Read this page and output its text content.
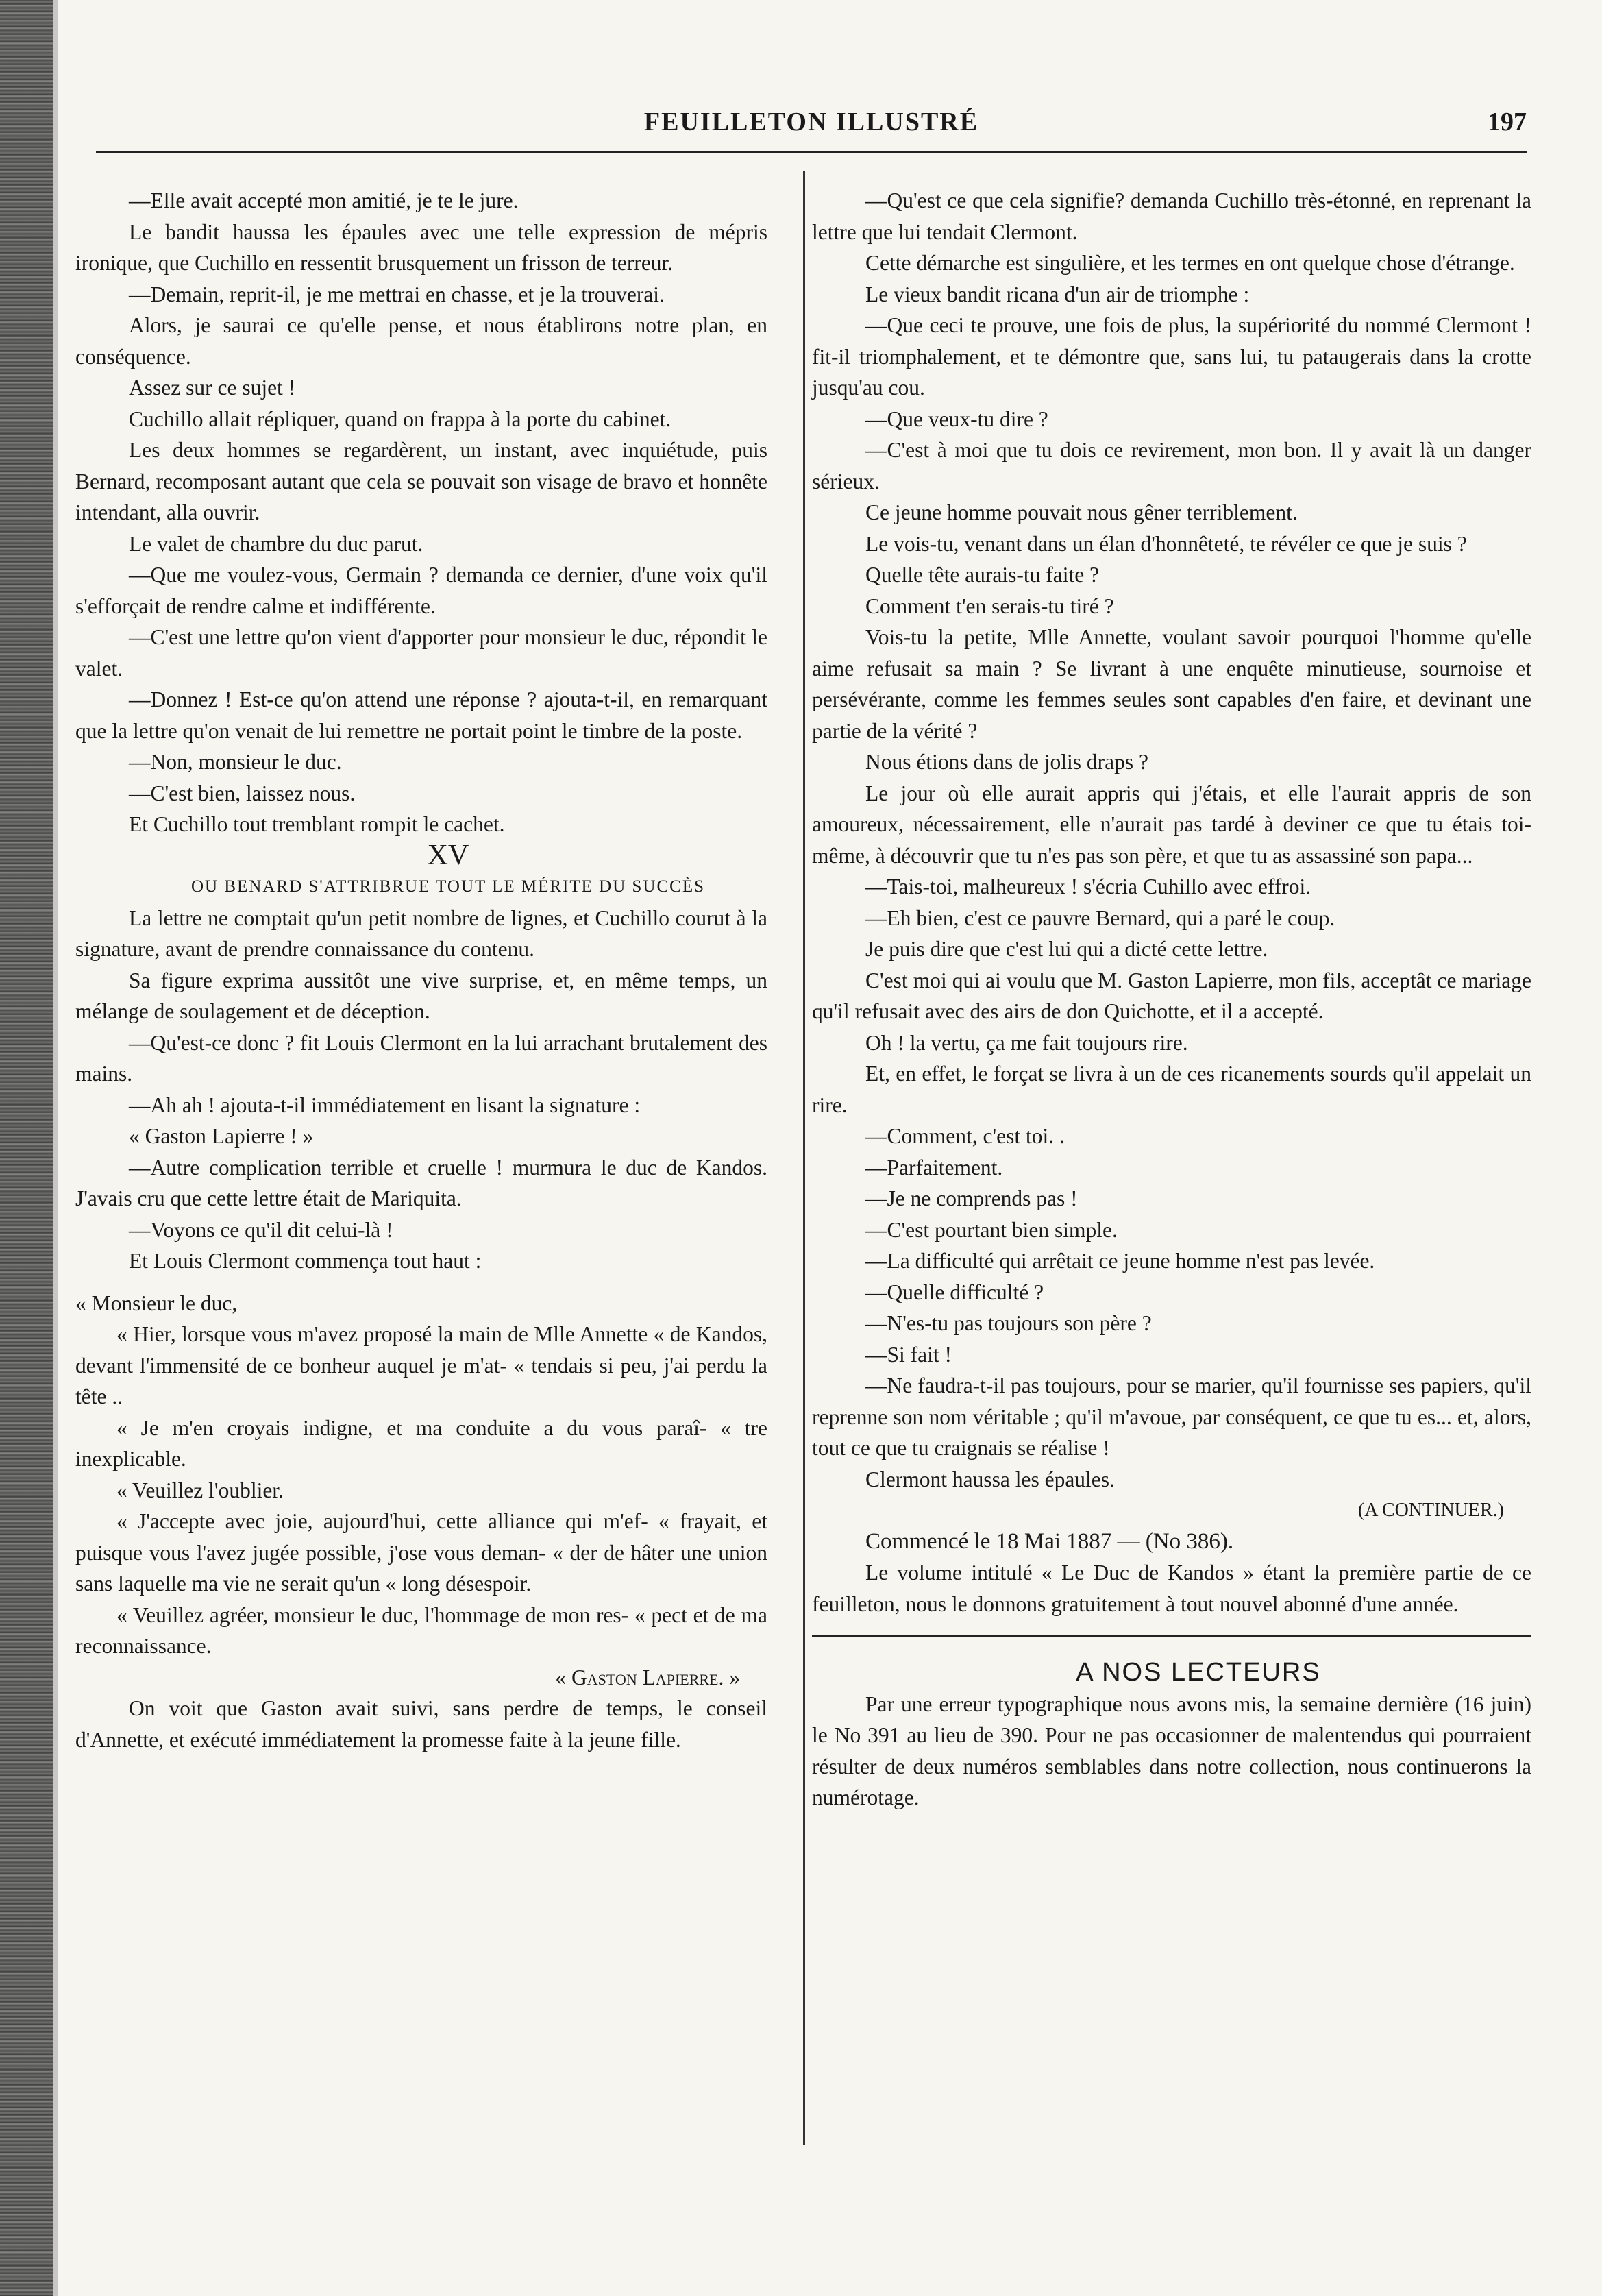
FEUILLETON ILLUSTRÉ	197

—Elle avait accepté mon amitié, je te le jure.

Le bandit haussa les épaules avec une telle expression de mépris ironique, que Cuchillo en ressentit brusquement un frisson de terreur.

—Demain, reprit-il, je me mettrai en chasse, et je la trouverai.

Alors, je saurai ce qu'elle pense, et nous établirons notre plan, en conséquence.

Assez sur ce sujet !

Cuchillo allait répliquer, quand on frappa à la porte du cabinet.

Les deux hommes se regardèrent, un instant, avec inquiétude, puis Bernard, recomposant autant que cela se pouvait son visage de bravo et honnête intendant, alla ouvrir.

Le valet de chambre du duc parut.

—Que me voulez-vous, Germain ? demanda ce dernier, d'une voix qu'il s'efforçait de rendre calme et indifférente.

—C'est une lettre qu'on vient d'apporter pour monsieur le duc, répondit le valet.

—Donnez ! Est-ce qu'on attend une réponse ? ajouta-t-il, en remarquant que la lettre qu'on venait de lui remettre ne portait point le timbre de la poste.

—Non, monsieur le duc.

—C'est bien, laissez nous.

Et Cuchillo tout tremblant rompit le cachet.

XV

OU BENARD S'ATTRIBRUE TOUT LE MÉRITE DU SUCCÈS

La lettre ne comptait qu'un petit nombre de lignes, et Cuchillo courut à la signature, avant de prendre connaissance du contenu.

Sa figure exprima aussitôt une vive surprise, et, en même temps, un mélange de soulagement et de déception.

—Qu'est-ce donc ? fit Louis Clermont en la lui arrachant brutalement des mains.

—Ah ah ! ajouta-t-il immédiatement en lisant la signature :

« Gaston Lapierre ! »

—Autre complication terrible et cruelle ! murmura le duc de Kandos. J'avais cru que cette lettre était de Mariquita.

—Voyons ce qu'il dit celui-là !

Et Louis Clermont commença tout haut :

« Monsieur le duc,

« Hier, lorsque vous m'avez proposé la main de Mlle Annette « de Kandos, devant l'immensité de ce bonheur auquel je m'at- « tendais si peu, j'ai perdu la tête ..

« Je m'en croyais indigne, et ma conduite a du vous paraî- « tre inexplicable.

« Veuillez l'oublier.

« J'accepte avec joie, aujourd'hui, cette alliance qui m'ef- « frayait, et puisque vous l'avez jugée possible, j'ose vous deman- « der de hâter une union sans laquelle ma vie ne serait qu'un « long désespoir.

« Veuillez agréer, monsieur le duc, l'hommage de mon res- « pect et de ma reconnaissance.

« Gaston Lapierre. »

On voit que Gaston avait suivi, sans perdre de temps, le conseil d'Annette, et exécuté immédiatement la promesse faite à la jeune fille.

—Qu'est ce que cela signifie? demanda Cuchillo très-étonné, en reprenant la lettre que lui tendait Clermont.

Cette démarche est singulière, et les termes en ont quelque chose d'étrange.

Le vieux bandit ricana d'un air de triomphe :

—Que ceci te prouve, une fois de plus, la supériorité du nommé Clermont ! fit-il triomphalement, et te démontre que, sans lui, tu pataugerais dans la crotte jusqu'au cou.

—Que veux-tu dire ?

—C'est à moi que tu dois ce revirement, mon bon. Il y avait là un danger sérieux.

Ce jeune homme pouvait nous gêner terriblement.

Le vois-tu, venant dans un élan d'honnêteté, te révéler ce que je suis ?

Quelle tête aurais-tu faite ?

Comment t'en serais-tu tiré ?

Vois-tu la petite, Mlle Annette, voulant savoir pourquoi l'homme qu'elle aime refusait sa main ? Se livrant à une enquête minutieuse, sournoise et persévérante, comme les femmes seules sont capables d'en faire, et devinant une partie de la vérité ?

Nous étions dans de jolis draps ?

Le jour où elle aurait appris qui j'étais, et elle l'aurait appris de son amoureux, nécessairement, elle n'aurait pas tardé à deviner ce que tu étais toi-même, à découvrir que tu n'es pas son père, et que tu as assassiné son papa...

—Tais-toi, malheureux ! s'écria Cuhillo avec effroi.

—Eh bien, c'est ce pauvre Bernard, qui a paré le coup.

Je puis dire que c'est lui qui a dicté cette lettre.

C'est moi qui ai voulu que M. Gaston Lapierre, mon fils, acceptât ce mariage qu'il refusait avec des airs de don Quichotte, et il a accepté.

Oh ! la vertu, ça me fait toujours rire.

Et, en effet, le forçat se livra à un de ces ricanements sourds qu'il appelait un rire.

—Comment, c'est toi. .

—Parfaitement.

—Je ne comprends pas !

—C'est pourtant bien simple.

—La difficulté qui arrêtait ce jeune homme n'est pas levée.

—Quelle difficulté ?

—N'es-tu pas toujours son père ?

—Si fait !

—Ne faudra-t-il pas toujours, pour se marier, qu'il fournisse ses papiers, qu'il reprenne son nom véritable ; qu'il m'avoue, par conséquent, ce que tu es... et, alors, tout ce que tu craignais se réalise !

Clermont haussa les épaules.

(A CONTINUER.)

Commencé le 18 Mai 1887 — (No 386).

Le volume intitulé « Le Duc de Kandos » étant la première partie de ce feuilleton, nous le donnons gratuitement à tout nouvel abonné d'une année.

A NOS LECTEURS

Par une erreur typographique nous avons mis, la semaine dernière (16 juin) le No 391 au lieu de 390. Pour ne pas occasionner de malentendus qui pourraient résulter de deux numéros semblables dans notre collection, nous continuerons la numérotage.
